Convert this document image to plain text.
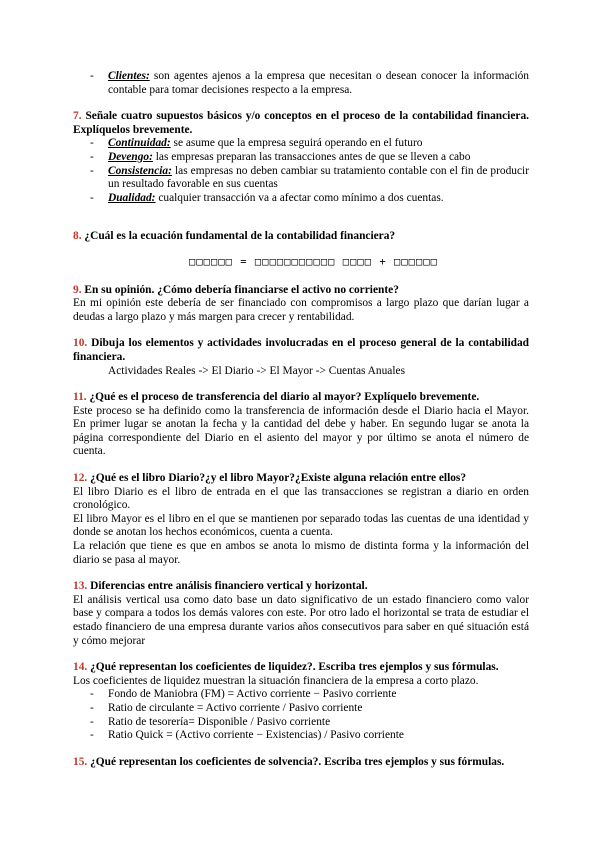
- Clientes: son agentes ajenos a la empresa que necesitan o desean conocer la información contable para tomar decisiones respecto a la empresa.

7. Señale cuatro supuestos básicos y/o conceptos en el proceso de la contabilidad financiera. Explíquelos brevemente.

- Continuidad: se asume que la empresa seguirá operando en el futuro
- Devengo: las empresas preparan las transacciones antes de que se lleven a cabo
- Consistencia: las empresas no deben cambiar su tratamiento contable con el fin de producir un resultado favorable en sus cuentas
- Dualidad: cualquier transacción va a afectar como mínimo a dos cuentas.

8. ¿Cuál es la ecuación fundamental de la contabilidad financiera?

□□□□□□ = □□□□□□□□□□□ □□□□ + □□□□□□

9. En su opinión. ¿Cómo debería financiarse el activo no corriente?

En mi opinión este debería de ser financiado con compromisos a largo plazo que darían lugar a deudas a largo plazo y más margen para crecer y rentabilidad.

10. Dibuja los elementos y actividades involucradas en el proceso general de la contabilidad financiera.

Actividades Reales -> El Diario -> El Mayor -> Cuentas Anuales

11. ¿Qué es el proceso de transferencia del diario al mayor? Explíquelo brevemente.

Este proceso se ha definido como la transferencia de información desde el Diario hacia el Mayor. En primer lugar se anotan la fecha y la cantidad del debe y haber. En segundo lugar se anota la página correspondiente del Diario en el asiento del mayor y por último se anota el número de cuenta.

12. ¿Qué es el libro Diario?¿y el libro Mayor?¿Existe alguna relación entre ellos?

El libro Diario es el libro de entrada en el que las transacciones se registran a diario en orden cronológico.

El libro Mayor es el libro en el que se mantienen por separado todas las cuentas de una identidad y donde se anotan los hechos económicos, cuenta a cuenta.

La relación que tiene es que en ambos se anota lo mismo de distinta forma y la información del diario se pasa al mayor.

13. Diferencias entre análisis financiero vertical y horizontal.

El análisis vertical usa como dato base un dato significativo de un estado financiero como valor base y compara a todos los demás valores con este. Por otro lado el horizontal se trata de estudiar el estado financiero de una empresa durante varios años consecutivos para saber en qué situación está y cómo mejorar

14. ¿Qué representan los coeficientes de liquidez?. Escriba tres ejemplos y sus fórmulas.

Los coeficientes de liquidez muestran la situación financiera de la empresa a corto plazo.

- Fondo de Maniobra (FM) = Activo corriente − Pasivo corriente
- Ratio de circulante = Activo corriente / Pasivo corriente
- Ratio de tesorería= Disponible / Pasivo corriente
- Ratio Quick = (Activo corriente − Existencias) / Pasivo corriente

15. ¿Qué representan los coeficientes de solvencia?. Escriba tres ejemplos y sus fórmulas.
